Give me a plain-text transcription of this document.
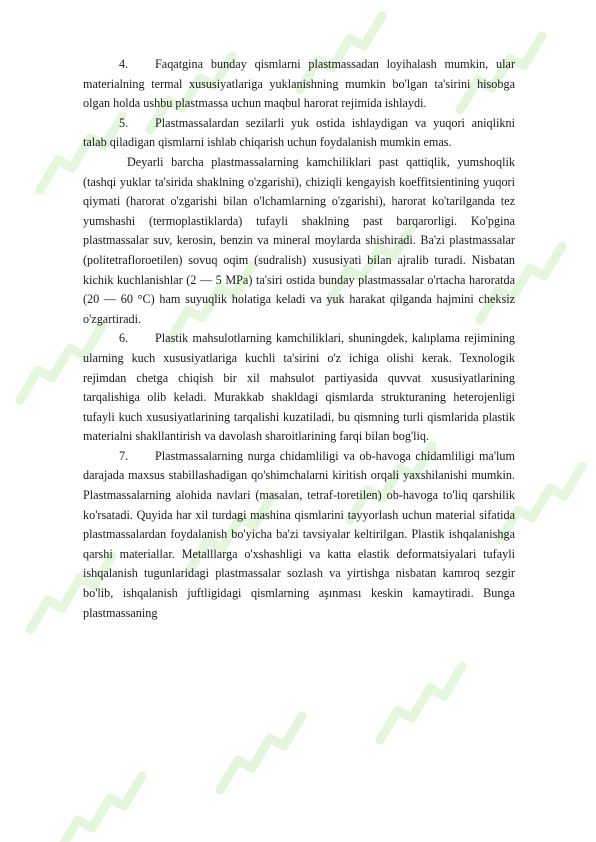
4. Faqatgina bunday qismlarni plastmassadan loyihalash mumkin, ular materialning termal xususiyatlariga yuklanishning mumkin bo'lgan ta'sirini hisobga olgan holda ushbu plastmassa uchun maqbul harorat rejimida ishlaydi.

5. Plastmassalardan sezilarli yuk ostida ishlaydigan va yuqori aniqlikni talab qiladigan qismlarni ishlab chiqarish uchun foydalanish mumkin emas.

Deyarli barcha plastmassalarning kamchiliklari past qattiqlik, yumshoqlik (tashqi yuklar ta'sirida shaklning o'zgarishi), chiziqli kengayish koeffitsientining yuqori qiymati (harorat o'zgarishi bilan o'lchamlarning o'zgarishi), harorat ko'tarilganda tez yumshashi (termoplastiklarda) tufayli shaklning past barqarorligi. Ko'pgina plastmassalar suv, kerosin, benzin va mineral moylarda shishiradi. Ba'zi plastmassalar (politetrafloroetilen) sovuq oqim (sudralish) xususiyati bilan ajralib turadi. Nisbatan kichik kuchlanishlar (2 — 5 MPa) ta'siri ostida bunday plastmassalar o'rtacha haroratda (20 — 60 °C) ham suyuqlik holatiga keladi va yuk harakat qilganda hajmini cheksiz o'zgartiradi.

6. Plastik mahsulotlarning kamchiliklari, shuningdek, kalıplama rejimining ularning kuch xususiyatlariga kuchli ta'sirini o'z ichiga olishi kerak. Texnologik rejimdan chetga chiqish bir xil mahsulot partiyasida quvvat xususiyatlarining tarqalishiga olib keladi. Murakkab shakldagi qismlarda strukturaning heterojenligi tufayli kuch xususiyatlarining tarqalishi kuzatiladi, bu qismning turli qismlarida plastik materialni shakllantirish va davolash sharoitlarining farqi bilan bog'liq.

7. Plastmassalarning nurga chidamliligi va ob-havoga chidamliligi ma'lum darajada maxsus stabillashadigan qo'shimchalarni kiritish orqali yaxshilanishi mumkin. Plastmassalarning alohida navlari (masalan, tetraf-toretilen) ob-havoga to'liq qarshilik ko'rsatadi. Quyida har xil turdagi mashina qismlarini tayyorlash uchun material sifatida plastmassalardan foydalanish bo'yicha ba'zi tavsiyalar keltirilgan. Plastik ishqalanishga qarshi materiallar. Metalllarga o'xshashligi va katta elastik deformatsiyalari tufayli ishqalanish tugunlaridagi plastmassalar sozlash va yirtishga nisbatan kamroq sezgir bo'lib, ishqalanish juftligidagi qismlarning aşınması keskin kamaytiradi. Bunga plastmassaning
